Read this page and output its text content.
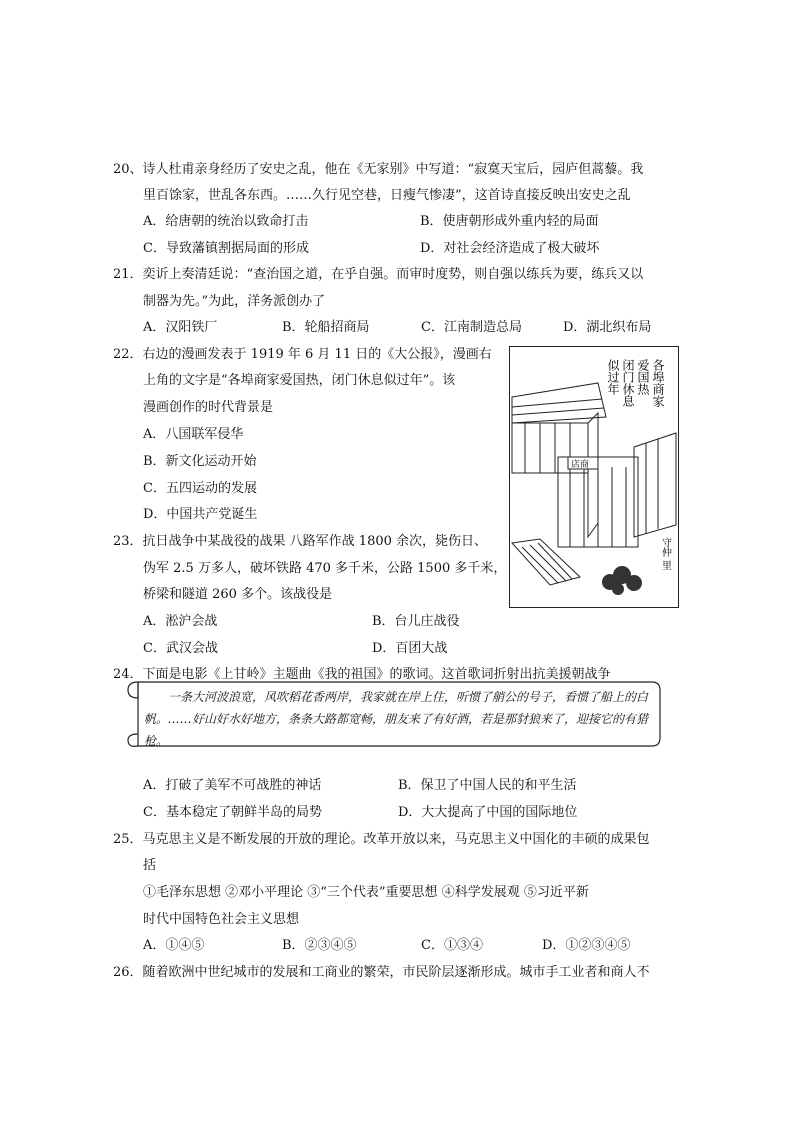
20、诗人杜甫亲身经历了安史之乱，他在《无家别》中写道：“寂寞天宝后，园庐但蒿藜。我
里百馀家，世乱各东西。……久行见空巷，日瘦气惨凄”，这首诗直接反映出安史之乱
A．给唐朝的统治以致命打击	B．使唐朝形成外重内轻的局面
C．导致藩镇割据局面的形成	D．对社会经济造成了极大破坏
21．奕䜣上奏清廷说：“查治国之道，在乎自强。而审时度势，则自强以练兵为要，练兵又以
制器为先。”为此，洋务派创办了
A．汉阳铁厂	B．轮船招商局	C．江南制造总局	D．湖北织布局
22．右边的漫画发表于 1919 年 6 月 11 日的《大公报》，漫画右
上角的文字是“各埠商家爱国热，闭门休息似过年”。该
漫画创作的时代背景是
A．八国联军侵华
B．新文化运动开始
C．五四运动的发展
D．中国共产党诞生
各埠商家
爱国热
闭门休息
似过年
店商
守仲 里
23．抗日战争中某战役的战果 八路军作战 1800 余次，毙伤日、
伪军 2.5 万多人，破坏铁路 470 多千米，公路 1500 多千米，
桥梁和隧道 260 多个。该战役是
A．淞沪会战	B．台儿庄战役
C．武汉会战	D．百团大战
24．下面是电影《上甘岭》主题曲《我的祖国》的歌词。这首歌词折射出抗美援朝战争
一条大河波浪宽，风吹稻花香两岸，我家就在岸上住，听惯了艄公的号子，看惯了船上的白帆。……好山好水好地方，条条大路都宽畅，朋友来了有好酒，若是那豺狼来了，迎接它的有猎枪。
A．打破了美军不可战胜的神话	B．保卫了中国人民的和平生活
C．基本稳定了朝鲜半岛的局势	D．大大提高了中国的国际地位
25．马克思主义是不断发展的开放的理论。改革开放以来，马克思主义中国化的丰硕的成果包
括
①毛泽东思想 ②邓小平理论 ③“三个代表”重要思想 ④科学发展观 ⑤习近平新
时代中国特色社会主义思想
A．①④⑤	B．②③④⑤	C．①③④	D．①②③④⑤
26．随着欧洲中世纪城市的发展和工商业的繁荣，市民阶层逐渐形成。城市手工业者和商人不
